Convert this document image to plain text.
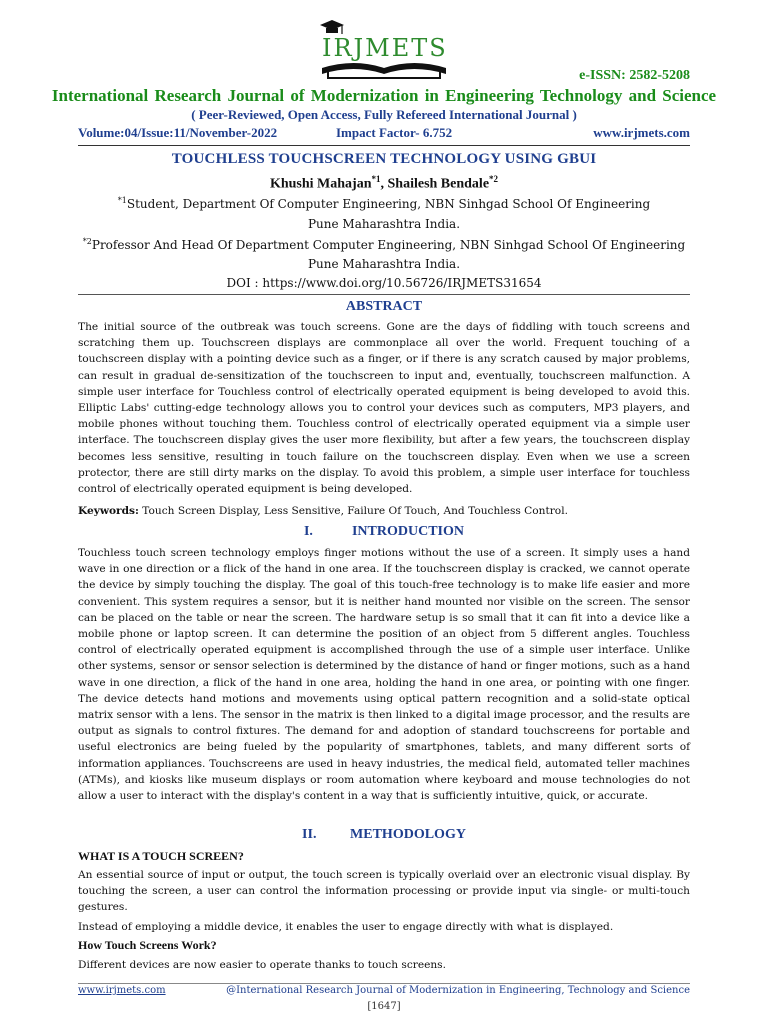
IRJMETS
e-ISSN: 2582-5208
International Research Journal of Modernization in Engineering Technology and Science
( Peer-Reviewed, Open Access, Fully Refereed International Journal )
Volume:04/Issue:11/November-2022	Impact Factor- 6.752	www.irjmets.com
TOUCHLESS TOUCHSCREEN TECHNOLOGY USING GBUI
Khushi Mahajan$^{*1}$, Shailesh Bendale$^{*2}$
$^{*1}$Student, Department Of Computer Engineering, NBN Sinhgad School Of Engineering
Pune Maharashtra India.
$^{*2}$Professor And Head Of Department Computer Engineering, NBN Sinhgad School Of Engineering
Pune Maharashtra India.
DOI : https://www.doi.org/10.56726/IRJMETS31654
ABSTRACT

The initial source of the outbreak was touch screens. Gone are the days of fiddling with touch screens and scratching them up. Touchscreen displays are commonplace all over the world. Frequent touching of a touchscreen display with a pointing device such as a finger, or if there is any scratch caused by major problems, can result in gradual de-sensitization of the touchscreen to input and, eventually, touchscreen malfunction. A simple user interface for Touchless control of electrically operated equipment is being developed to avoid this. Elliptic Labs' cutting-edge technology allows you to control your devices such as computers, MP3 players, and mobile phones without touching them. Touchless control of electrically operated equipment via a simple user interface. The touchscreen display gives the user more flexibility, but after a few years, the touchscreen display becomes less sensitive, resulting in touch failure on the touchscreen display. Even when we use a screen protector, there are still dirty marks on the display. To avoid this problem, a simple user interface for touchless control of electrically operated equipment is being developed.

Keywords: Touch Screen Display, Less Sensitive, Failure Of Touch, And Touchless Control.

I.	INTRODUCTION

Touchless touch screen technology employs finger motions without the use of a screen. It simply uses a hand wave in one direction or a flick of the hand in one area. If the touchscreen display is cracked, we cannot operate the device by simply touching the display. The goal of this touch-free technology is to make life easier and more convenient. This system requires a sensor, but it is neither hand mounted nor visible on the screen. The sensor can be placed on the table or near the screen. The hardware setup is so small that it can fit into a device like a mobile phone or laptop screen. It can determine the position of an object from 5 different angles. Touchless control of electrically operated equipment is accomplished through the use of a simple user interface. Unlike other systems, sensor or sensor selection is determined by the distance of hand or finger motions, such as a hand wave in one direction, a flick of the hand in one area, holding the hand in one area, or pointing with one finger. The device detects hand motions and movements using optical pattern recognition and a solid-state optical matrix sensor with a lens. The sensor in the matrix is then linked to a digital image processor, and the results are output as signals to control fixtures. The demand for and adoption of standard touchscreens for portable and useful electronics are being fueled by the popularity of smartphones, tablets, and many different sorts of information appliances. Touchscreens are used in heavy industries, the medical field, automated teller machines (ATMs), and kiosks like museum displays or room automation where keyboard and mouse technologies do not allow a user to interact with the display's content in a way that is sufficiently intuitive, quick, or accurate.

II. METHODOLOGY
WHAT IS A TOUCH SCREEN?

An essential source of input or output, the touch screen is typically overlaid over an electronic visual display. By touching the screen, a user can control the information processing or provide input via single- or multi-touch gestures.

Instead of employing a middle device, it enables the user to engage directly with what is displayed.

How Touch Screens Work?

Different devices are now easier to operate thanks to touch screens.

www.irjmets.com	@International Research Journal of Modernization in Engineering, Technology and Science
[1647]
